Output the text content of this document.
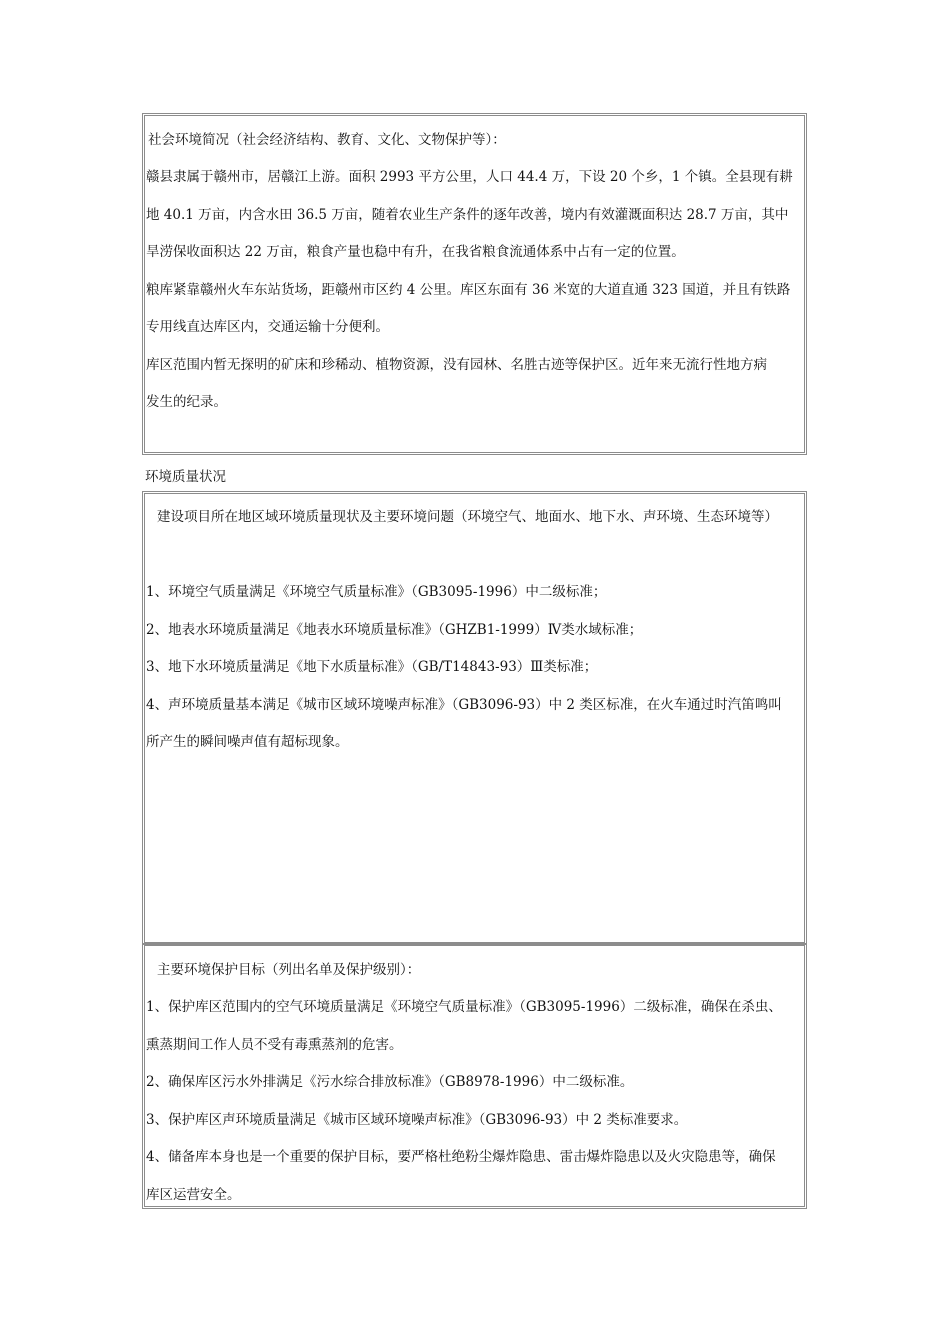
社会环境简况（社会经济结构、教育、文化、文物保护等）：
赣县隶属于赣州市，居赣江上游。面积 2993 平方公里，人口 44.4 万，下设 20 个乡，1 个镇。全县现有耕
地 40.1 万亩，内含水田 36.5 万亩，随着农业生产条件的逐年改善，境内有效灌溉面积达 28.7 万亩，其中
旱涝保收面积达 22 万亩，粮食产量也稳中有升，在我省粮食流通体系中占有一定的位置。
粮库紧靠赣州火车东站货场，距赣州市区约 4 公里。库区东面有 36 米宽的大道直通 323 国道，并且有铁路
专用线直达库区内，交通运输十分便利。
库区范围内暂无探明的矿床和珍稀动、植物资源，没有园林、名胜古迹等保护区。近年来无流行性地方病
发生的纪录。
环境质量状况
建设项目所在地区域环境质量现状及主要环境问题（环境空气、地面水、地下水、声环境、生态环境等）
1、环境空气质量满足《环境空气质量标准》（GB3095-1996）中二级标准；
2、地表水环境质量满足《地表水环境质量标准》（GHZB1-1999）Ⅳ类水域标准；
3、地下水环境质量满足《地下水质量标准》（GB/T14843-93）Ⅲ类标准；
4、声环境质量基本满足《城市区域环境噪声标准》（GB3096-93）中 2 类区标准，在火车通过时汽笛鸣叫
所产生的瞬间噪声值有超标现象。
主要环境保护目标（列出名单及保护级别）：
1、保护库区范围内的空气环境质量满足《环境空气质量标准》（GB3095-1996）二级标准，确保在杀虫、
熏蒸期间工作人员不受有毒熏蒸剂的危害。
2、确保库区污水外排满足《污水综合排放标准》（GB8978-1996）中二级标准。
3、保护库区声环境质量满足《城市区域环境噪声标准》（GB3096-93）中 2 类标准要求。
4、储备库本身也是一个重要的保护目标，要严格杜绝粉尘爆炸隐患、雷击爆炸隐患以及火灾隐患等，确保
库区运营安全。
